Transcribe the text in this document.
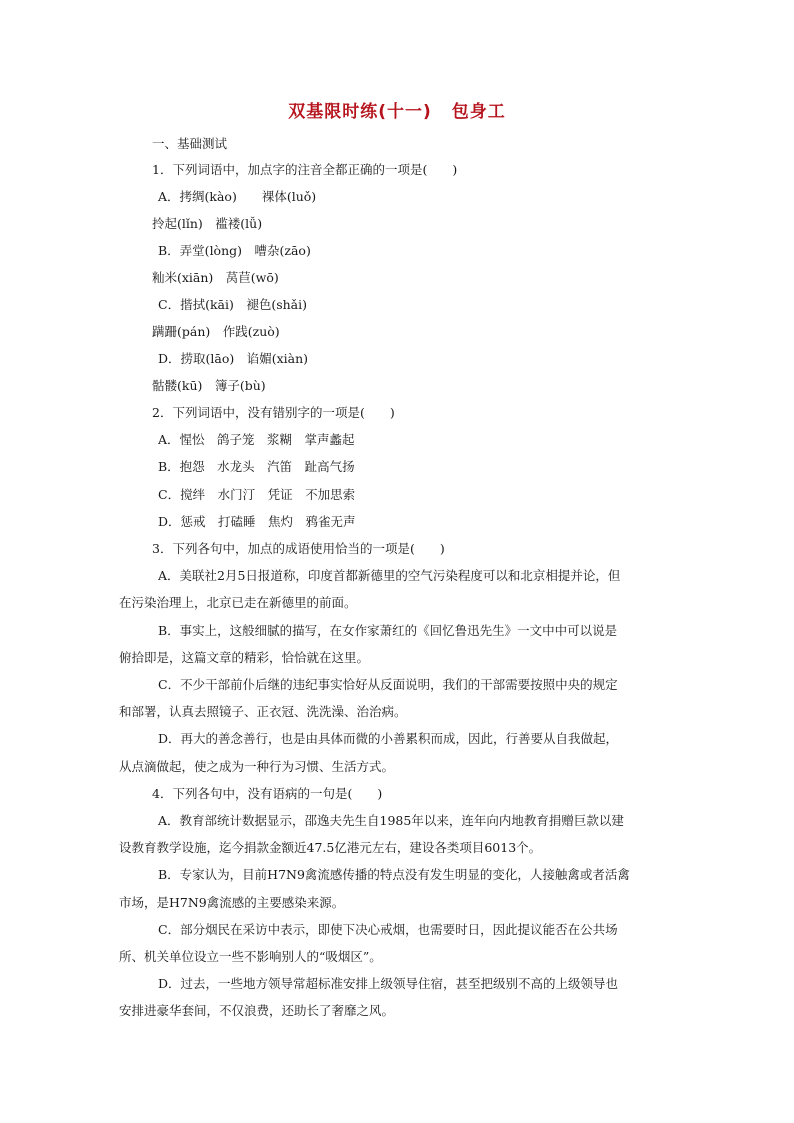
双基限时练(十一) 包身工
一、基础测试
1．下列词语中，加点字的注音全都正确的一项是(　　)
A．拷绸(kào)　　裸体(luǒ)
拎起(lǐn)　褴褛(lǚ)
B．弄堂(lòng)　嘈杂(zāo)
籼米(xiān)　莴苣(wō)
C．揩拭(kāi)　褪色(shǎi)
蹒跚(pán)　作践(zuò)
D．捞取(lāo)　谄媚(xiàn)
骷髅(kū)　簿子(bù)
2．下列词语中，没有错别字的一项是(　　)
A．惺忪　鸽子笼　浆糊　掌声蠡起
B．抱怨　水龙头　汽笛　趾高气扬
C．搅绊　水门汀　凭证　不加思索
D．惩戒　打磕睡　焦灼　鸦雀无声
3．下列各句中，加点的成语使用恰当的一项是(　　)
A．美联社2月5日报道称，印度首都新德里的空气污染程度可以和北京相提并论，但
在污染治理上，北京已走在新德里的前面。
B．事实上，这般细腻的描写，在女作家萧红的《回忆鲁迅先生》一文中中可以说是
俯拾即是，这篇文章的精彩，恰恰就在这里。
C．不少干部前仆后继的违纪事实恰好从反面说明，我们的干部需要按照中央的规定
和部署，认真去照镜子、正衣冠、洗洗澡、治治病。
D．再大的善念善行，也是由具体而微的小善累积而成，因此，行善要从自我做起，
从点滴做起，使之成为一种行为习惯、生活方式。
4．下列各句中，没有语病的一句是(　　)
A．教育部统计数据显示，邵逸夫先生自1985年以来，连年向内地教育捐赠巨款以建
设教育教学设施，迄今捐款金额近47.5亿港元左右，建设各类项目6013个。
B．专家认为，目前H7N9禽流感传播的特点没有发生明显的变化，人接触禽或者活禽
市场，是H7N9禽流感的主要感染来源。
C．部分烟民在采访中表示，即使下决心戒烟，也需要时日，因此提议能否在公共场
所、机关单位设立一些不影响别人的“吸烟区”。
D．过去，一些地方领导常超标准安排上级领导住宿，甚至把级别不高的上级领导也
安排进豪华套间，不仅浪费，还助长了奢靡之风。
